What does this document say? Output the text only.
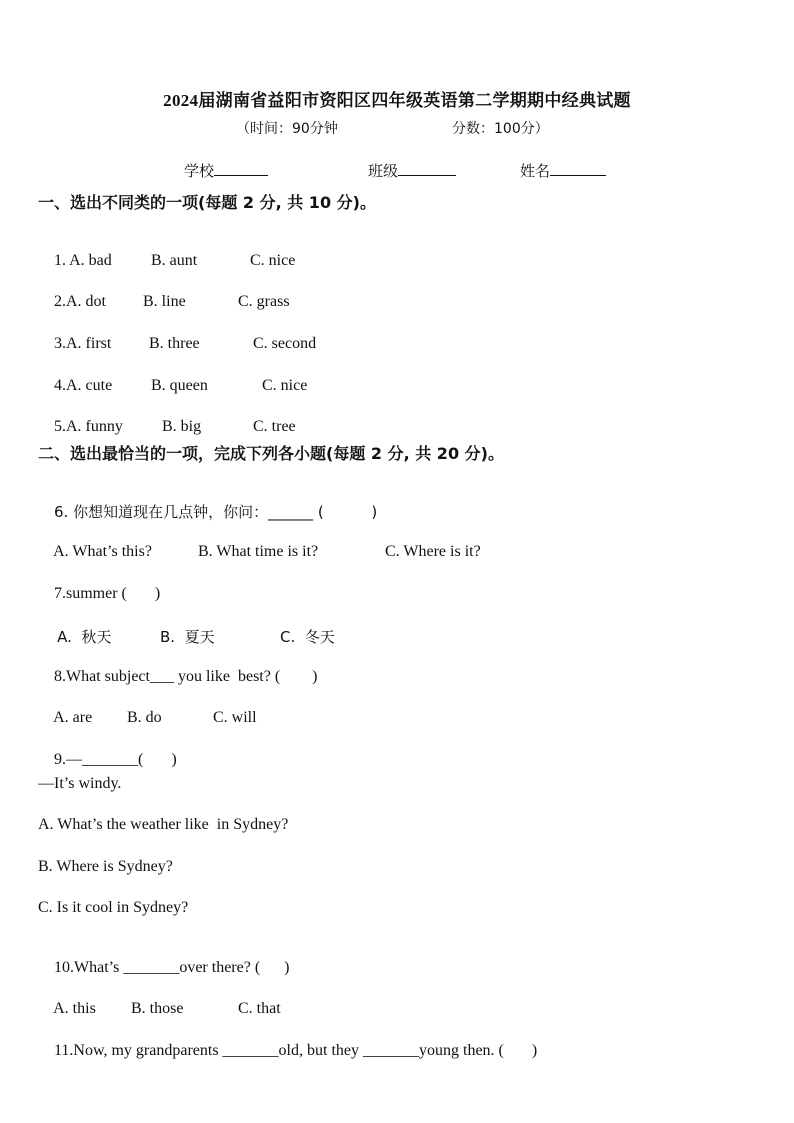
2024届湖南省益阳市资阳区四年级英语第二学期期中经典试题
（时间：90分钟	分数：100分）
学校	班级	姓名
一、选出不同类的一项(每题 2 分, 共 10 分)。

1. A. bad B. aunt	C. nice

2.A. dot B. line	C. grass

3.A. first B. three	C. second

4.A. cute B. queen	C. nice

5.A. funny B. big	C. tree

二、选出最恰当的一项，完成下列各小题(每题 2 分, 共 20 分)。

6. 你想知道现在几点钟，你问：______ (          )

A. What’s this?	B. What time is it?	C. Where is it?

7.summer (       )

A.  秋天	B.  夏天	C.  冬天

8.What subject___ you like  best? (        )

A. are B. do	C. will

9.—_______(       )

—It’s windy.
A. What’s the weather like  in Sydney?
B. Where is Sydney?
C. Is it cool in Sydney?

10.What’s _______over there? (      )

A. this B. those	C. that

11.Now, my grandparents _______old, but they _______young then. (       )
